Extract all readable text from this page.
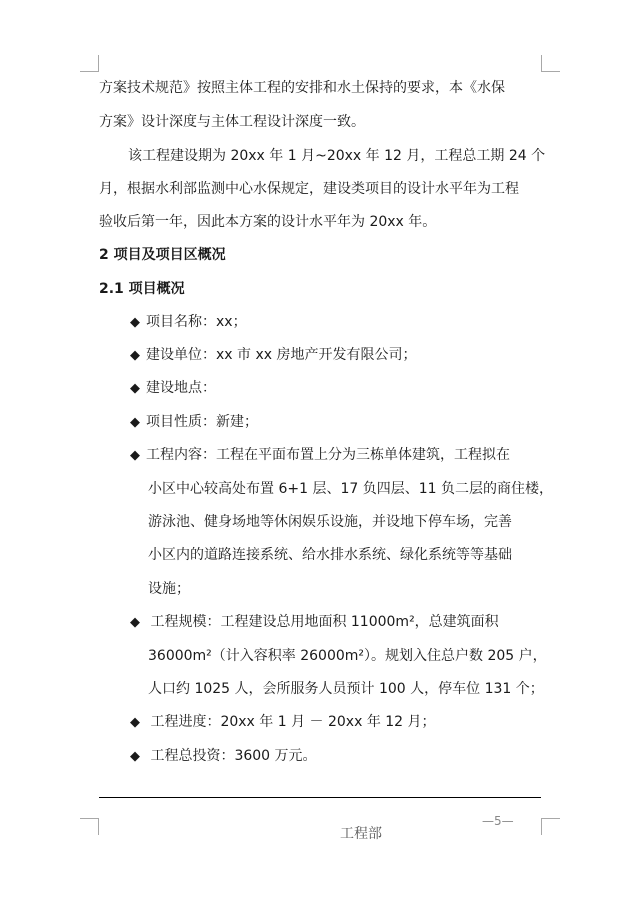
方案技术规范》按照主体工程的安排和水土保持的要求，本《水保
方案》设计深度与主体工程设计深度一致。
该工程建设期为 20xx 年 1 月~20xx 年 12 月，工程总工期 24 个
月，根据水利部监测中心水保规定，建设类项目的设计水平年为工程
验收后第一年，因此本方案的设计水平年为 20xx 年。
2 项目及项目区概况
2.1 项目概况
◆ 项目名称：xx；
◆ 建设单位：xx 市 xx 房地产开发有限公司；
◆ 建设地点：
◆ 项目性质：新建；
◆ 工程内容：工程在平面布置上分为三栋单体建筑，工程拟在
小区中心较高处布置 6+1 层、17 负四层、11 负二层的商住楼，
游泳池、健身场地等休闲娱乐设施，并设地下停车场，完善
小区内的道路连接系统、给水排水系统、绿化系统等等基础
设施；
◆ 工程规模：工程建设总用地面积 11000m²，总建筑面积
36000m²（计入容积率 26000m²）。规划入住总户数 205 户，
人口约 1025 人，会所服务人员预计 100 人，停车位 131 个；
◆ 工程进度：20xx 年 1 月 － 20xx 年 12 月；
◆ 工程总投资：3600 万元。
—5—
工程部
